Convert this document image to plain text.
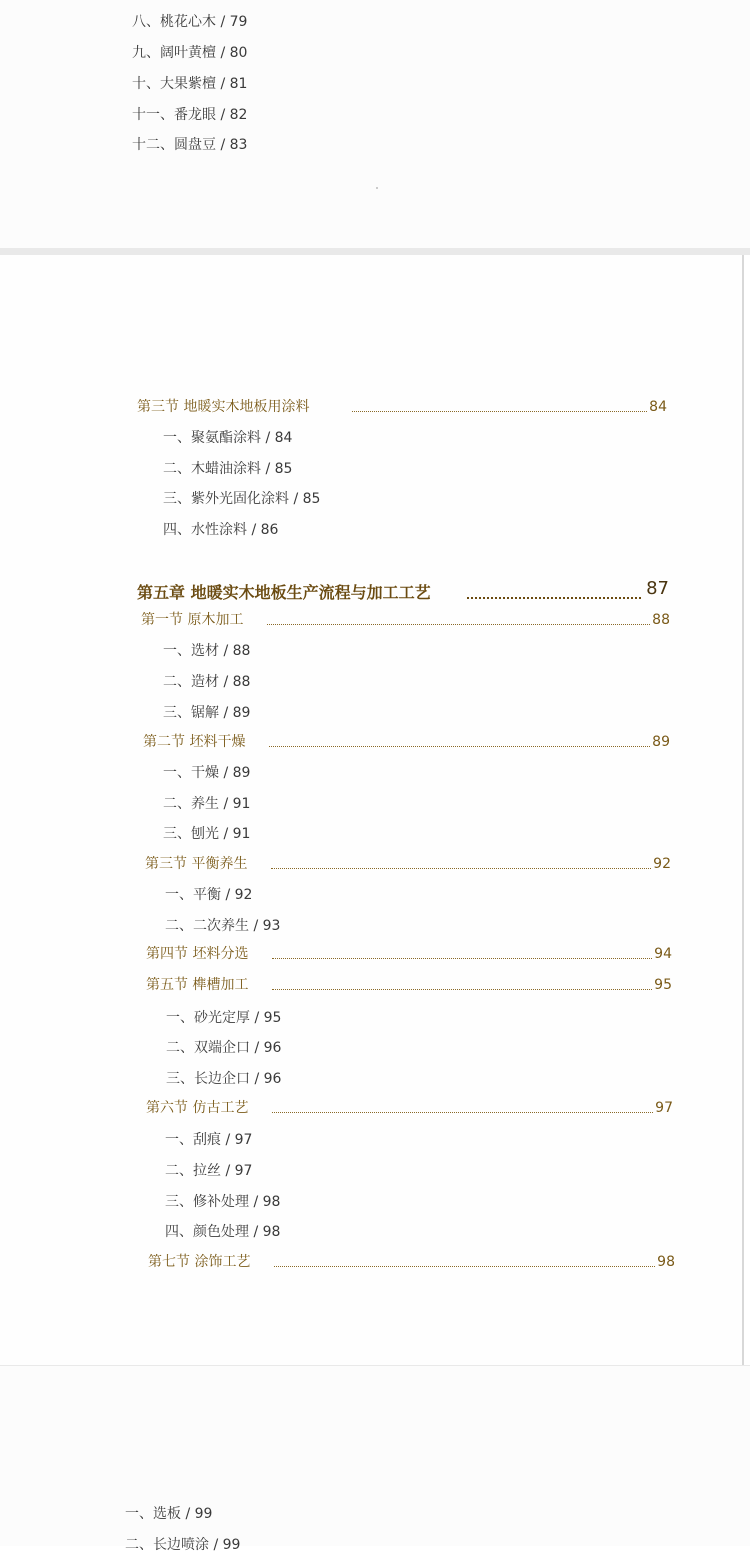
八、桃花心木 / 79
九、阔叶黄檀 / 80
十、大果紫檀 / 81
十一、番龙眼 / 82
十二、圆盘豆 / 83
第三节 地暖实木地板用涂料	84
一、聚氨酯涂料 / 84
二、木蜡油涂料 / 85
三、紫外光固化涂料 / 85
四、水性涂料 / 86
第五章 地暖实木地板生产流程与加工工艺	87
第一节 原木加工	88
一、选材 / 88
二、造材 / 88
三、锯解 / 89
第二节 坯料干燥	89
一、干燥 / 89
二、养生 / 91
三、刨光 / 91
第三节 平衡养生	92
一、平衡 / 92
二、二次养生 / 93
第四节 坯料分选	94
第五节 榫槽加工	95
一、砂光定厚 / 95
二、双端企口 / 96
三、长边企口 / 96
第六节 仿古工艺	97
一、刮痕 / 97
二、拉丝 / 97
三、修补处理 / 98
四、颜色处理 / 98
第七节 涂饰工艺	98
一、选板 / 99
二、长边喷涂 / 99
